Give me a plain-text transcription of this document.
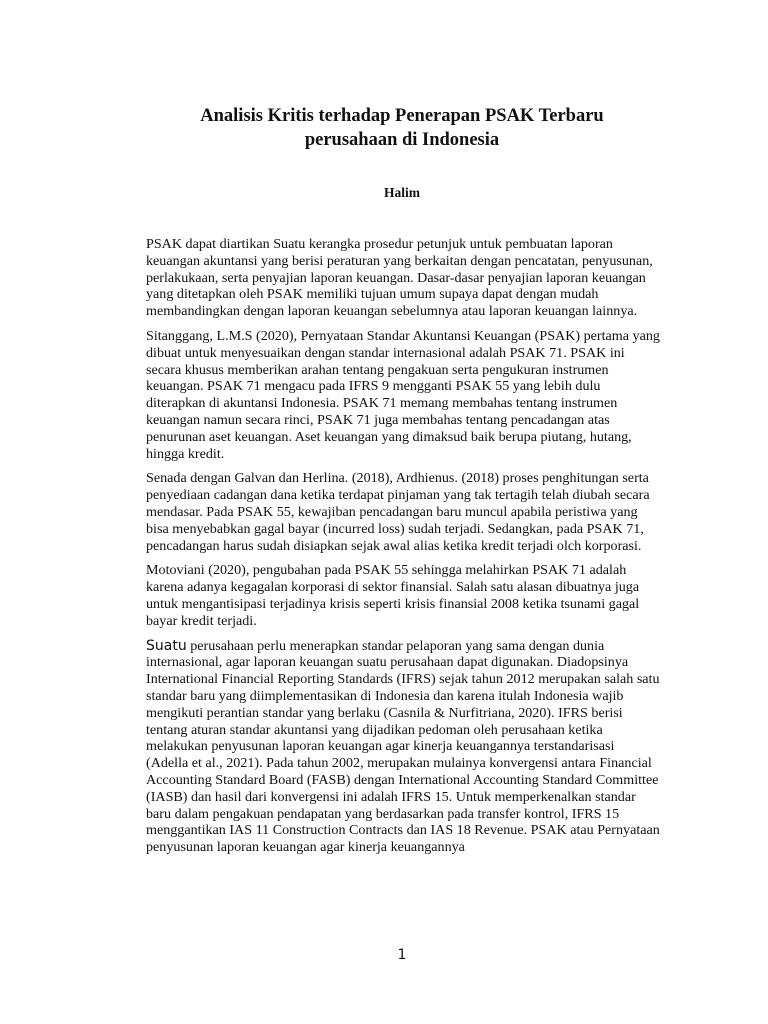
Analisis Kritis terhadap Penerapan PSAK Terbaru
perusahaan di Indonesia
Halim

PSAK dapat diartikan Suatu kerangka prosedur petunjuk untuk pembuatan laporan keuangan akuntansi yang berisi peraturan yang berkaitan dengan pencatatan, penyusunan, perlakukaan, serta penyajian laporan keuangan. Dasar-dasar penyajian laporan keuangan yang ditetapkan oleh PSAK memiliki tujuan umum supaya dapat dengan mudah membandingkan dengan laporan keuangan sebelumnya atau laporan keuangan lainnya.

Sitanggang, L.M.S (2020), Pernyataan Standar Akuntansi Keuangan (PSAK) pertama yang dibuat untuk menyesuaikan dengan standar internasional adalah PSAK 71. PSAK ini secara khusus memberikan arahan tentang pengakuan serta pengukuran instrumen keuangan. PSAK 71 mengacu pada IFRS 9 mengganti PSAK 55 yang lebih dulu diterapkan di akuntansi Indonesia. PSAK 71 memang membahas tentang instrumen keuangan namun secara rinci, PSAK 71 juga membahas tentang pencadangan atas penurunan aset keuangan. Aset keuangan yang dimaksud baik berupa piutang, hutang, hingga kredit.

Senada dengan Galvan dan Herlina. (2018), Ardhienus. (2018) proses penghitungan serta penyediaan cadangan dana ketika terdapat pinjaman yang tak tertagih telah diubah secara mendasar. Pada PSAK 55, kewajiban pencadangan baru muncul apabila peristiwa yang bisa menyebabkan gagal bayar (incurred loss) sudah terjadi. Sedangkan, pada PSAK 71, pencadangan harus sudah disiapkan sejak awal alias ketika kredit terjadi olch korporasi.

Motoviani (2020), pengubahan pada PSAK 55 sehingga melahirkan PSAK 71 adalah karena adanya kegagalan korporasi di sektor finansial. Salah satu alasan dibuatnya juga untuk mengantisipasi terjadinya krisis seperti krisis finansial 2008 ketika tsunami gagal bayar kredit terjadi.

Suatu perusahaan perlu menerapkan standar pelaporan yang sama dengan dunia internasional, agar laporan keuangan suatu perusahaan dapat digunakan. Diadopsinya International Financial Reporting Standards (IFRS) sejak tahun 2012 merupakan salah satu standar baru yang diimplementasikan di Indonesia dan karena itulah Indonesia wajib mengikuti perantian standar yang berlaku (Casnila & Nurfitriana, 2020). IFRS berisi tentang aturan standar akuntansi yang dijadikan pedoman oleh perusahaan ketika melakukan penyusunan laporan keuangan agar kinerja keuangannya terstandarisasi (Adella et al., 2021). Pada tahun 2002, merupakan mulainya konvergensi antara Financial Accounting Standard Board (FASB) dengan International Accounting Standard Committee (IASB) dan hasil dari konvergensi ini adalah IFRS 15. Untuk memperkenalkan standar baru dalam pengakuan pendapatan yang berdasarkan pada transfer kontrol, IFRS 15 menggantikan IAS 11 Construction Contracts dan IAS 18 Revenue. PSAK atau Pernyataan penyusunan laporan keuangan agar kinerja keuangannya

1
